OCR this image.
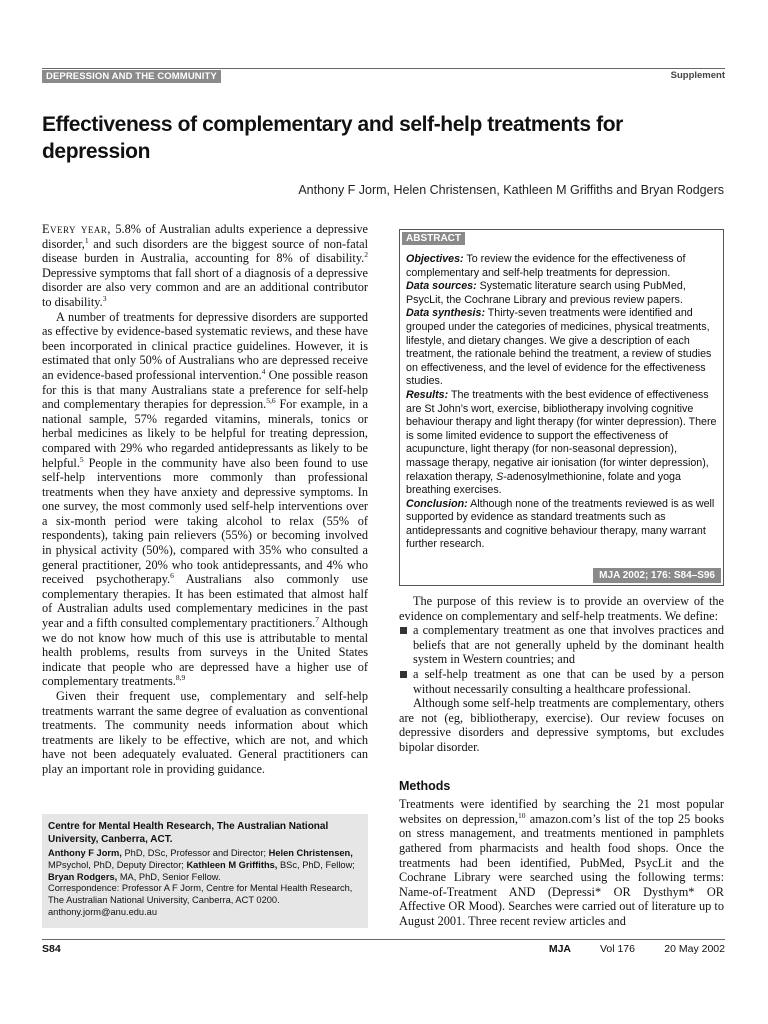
DEPRESSION AND THE COMMUNITY	Supplement
Effectiveness of complementary and self-help treatments for depression
Anthony F Jorm, Helen Christensen, Kathleen M Griffiths and Bryan Rodgers

Every year, 5.8% of Australian adults experience a depressive disorder,$^1$ and such disorders are the biggest source of non-fatal disease burden in Australia, accounting for 8% of disability.$^2$ Depressive symptoms that fall short of a diagnosis of a depressive disorder are also very common and are an additional contributor to disability.$^3$

A number of treatments for depressive disorders are supported as effective by evidence-based systematic reviews, and these have been incorporated in clinical practice guidelines. However, it is estimated that only 50% of Australians who are depressed receive an evidence-based professional intervention.$^4$ One possible reason for this is that many Australians state a preference for self-help and complementary therapies for depression.$^{5,6}$ For example, in a national sample, 57% regarded vitamins, minerals, tonics or herbal medicines as likely to be helpful for treating depression, compared with 29% who regarded antidepressants as likely to be helpful.$^5$ People in the community have also been found to use self-help interventions more commonly than professional treatments when they have anxiety and depressive symptoms. In one survey, the most commonly used self-help interventions over a six-month period were taking alcohol to relax (55% of respondents), taking pain relievers (55%) or becoming involved in physical activity (50%), compared with 35% who consulted a general practitioner, 20% who took antidepressants, and 4% who received psychotherapy.$^6$ Australians also commonly use complementary therapies. It has been estimated that almost half of Australian adults used complementary medicines in the past year and a fifth consulted complementary practitioners.$^7$ Although we do not know how much of this use is attributable to mental health problems, results from surveys in the United States indicate that people who are depressed have a higher use of complementary treatments.$^{8,9}$

Given their frequent use, complementary and self-help treatments warrant the same degree of evaluation as conventional treatments. The community needs information about which treatments are likely to be effective, which are not, and which have not been adequately evaluated. General practitioners can play an important role in providing guidance.

ABSTRACT

Objectives: To review the evidence for the effectiveness of complementary and self-help treatments for depression.

Data sources: Systematic literature search using PubMed, PsycLit, the Cochrane Library and previous review papers.

Data synthesis: Thirty-seven treatments were identified and grouped under the categories of medicines, physical treatments, lifestyle, and dietary changes. We give a description of each treatment, the rationale behind the treatment, a review of studies on effectiveness, and the level of evidence for the effectiveness studies.

Results: The treatments with the best evidence of effectiveness are St John’s wort, exercise, bibliotherapy involving cognitive behaviour therapy and light therapy (for winter depression). There is some limited evidence to support the effectiveness of acupuncture, light therapy (for non-seasonal depression), massage therapy, negative air ionisation (for winter depression), relaxation therapy, S-adenosylmethionine, folate and yoga breathing exercises.

Conclusion: Although none of the treatments reviewed is as well supported by evidence as standard treatments such as antidepressants and cognitive behaviour therapy, many warrant further research.

MJA 2002; 176: S84–S96

The purpose of this review is to provide an overview of the evidence on complementary and self-help treatments. We define:

a complementary treatment as one that involves practices and beliefs that are not generally upheld by the dominant health system in Western countries; and
a self-help treatment as one that can be used by a person without necessarily consulting a healthcare professional.

Although some self-help treatments are complementary, others are not (eg, bibliotherapy, exercise). Our review focuses on depressive disorders and depressive symptoms, but excludes bipolar disorder.

Methods

Treatments were identified by searching the 21 most popular websites on depression,$^{10}$ amazon.com’s list of the top 25 books on stress management, and treatments mentioned in pamphlets gathered from pharmacists and health food shops. Once the treatments had been identified, PubMed, PsycLit and the Cochrane Library were searched using the following terms: Name-of-Treatment AND (Depressi* OR Dysthym* OR Affective OR Mood). Searches were carried out of literature up to August 2001. Three recent review articles and

Centre for Mental Health Research, The Australian National University, Canberra, ACT.
Anthony F Jorm, PhD, DSc, Professor and Director; Helen Christensen, MPsychol, PhD, Deputy Director; Kathleen M Griffiths, BSc, PhD, Fellow; Bryan Rodgers, MA, PhD, Senior Fellow.
Correspondence: Professor A F Jorm, Centre for Mental Health Research, The Australian National University, Canberra, ACT 0200.
anthony.jorm@anu.edu.au
S84	MJA	Vol 176	20 May 2002
